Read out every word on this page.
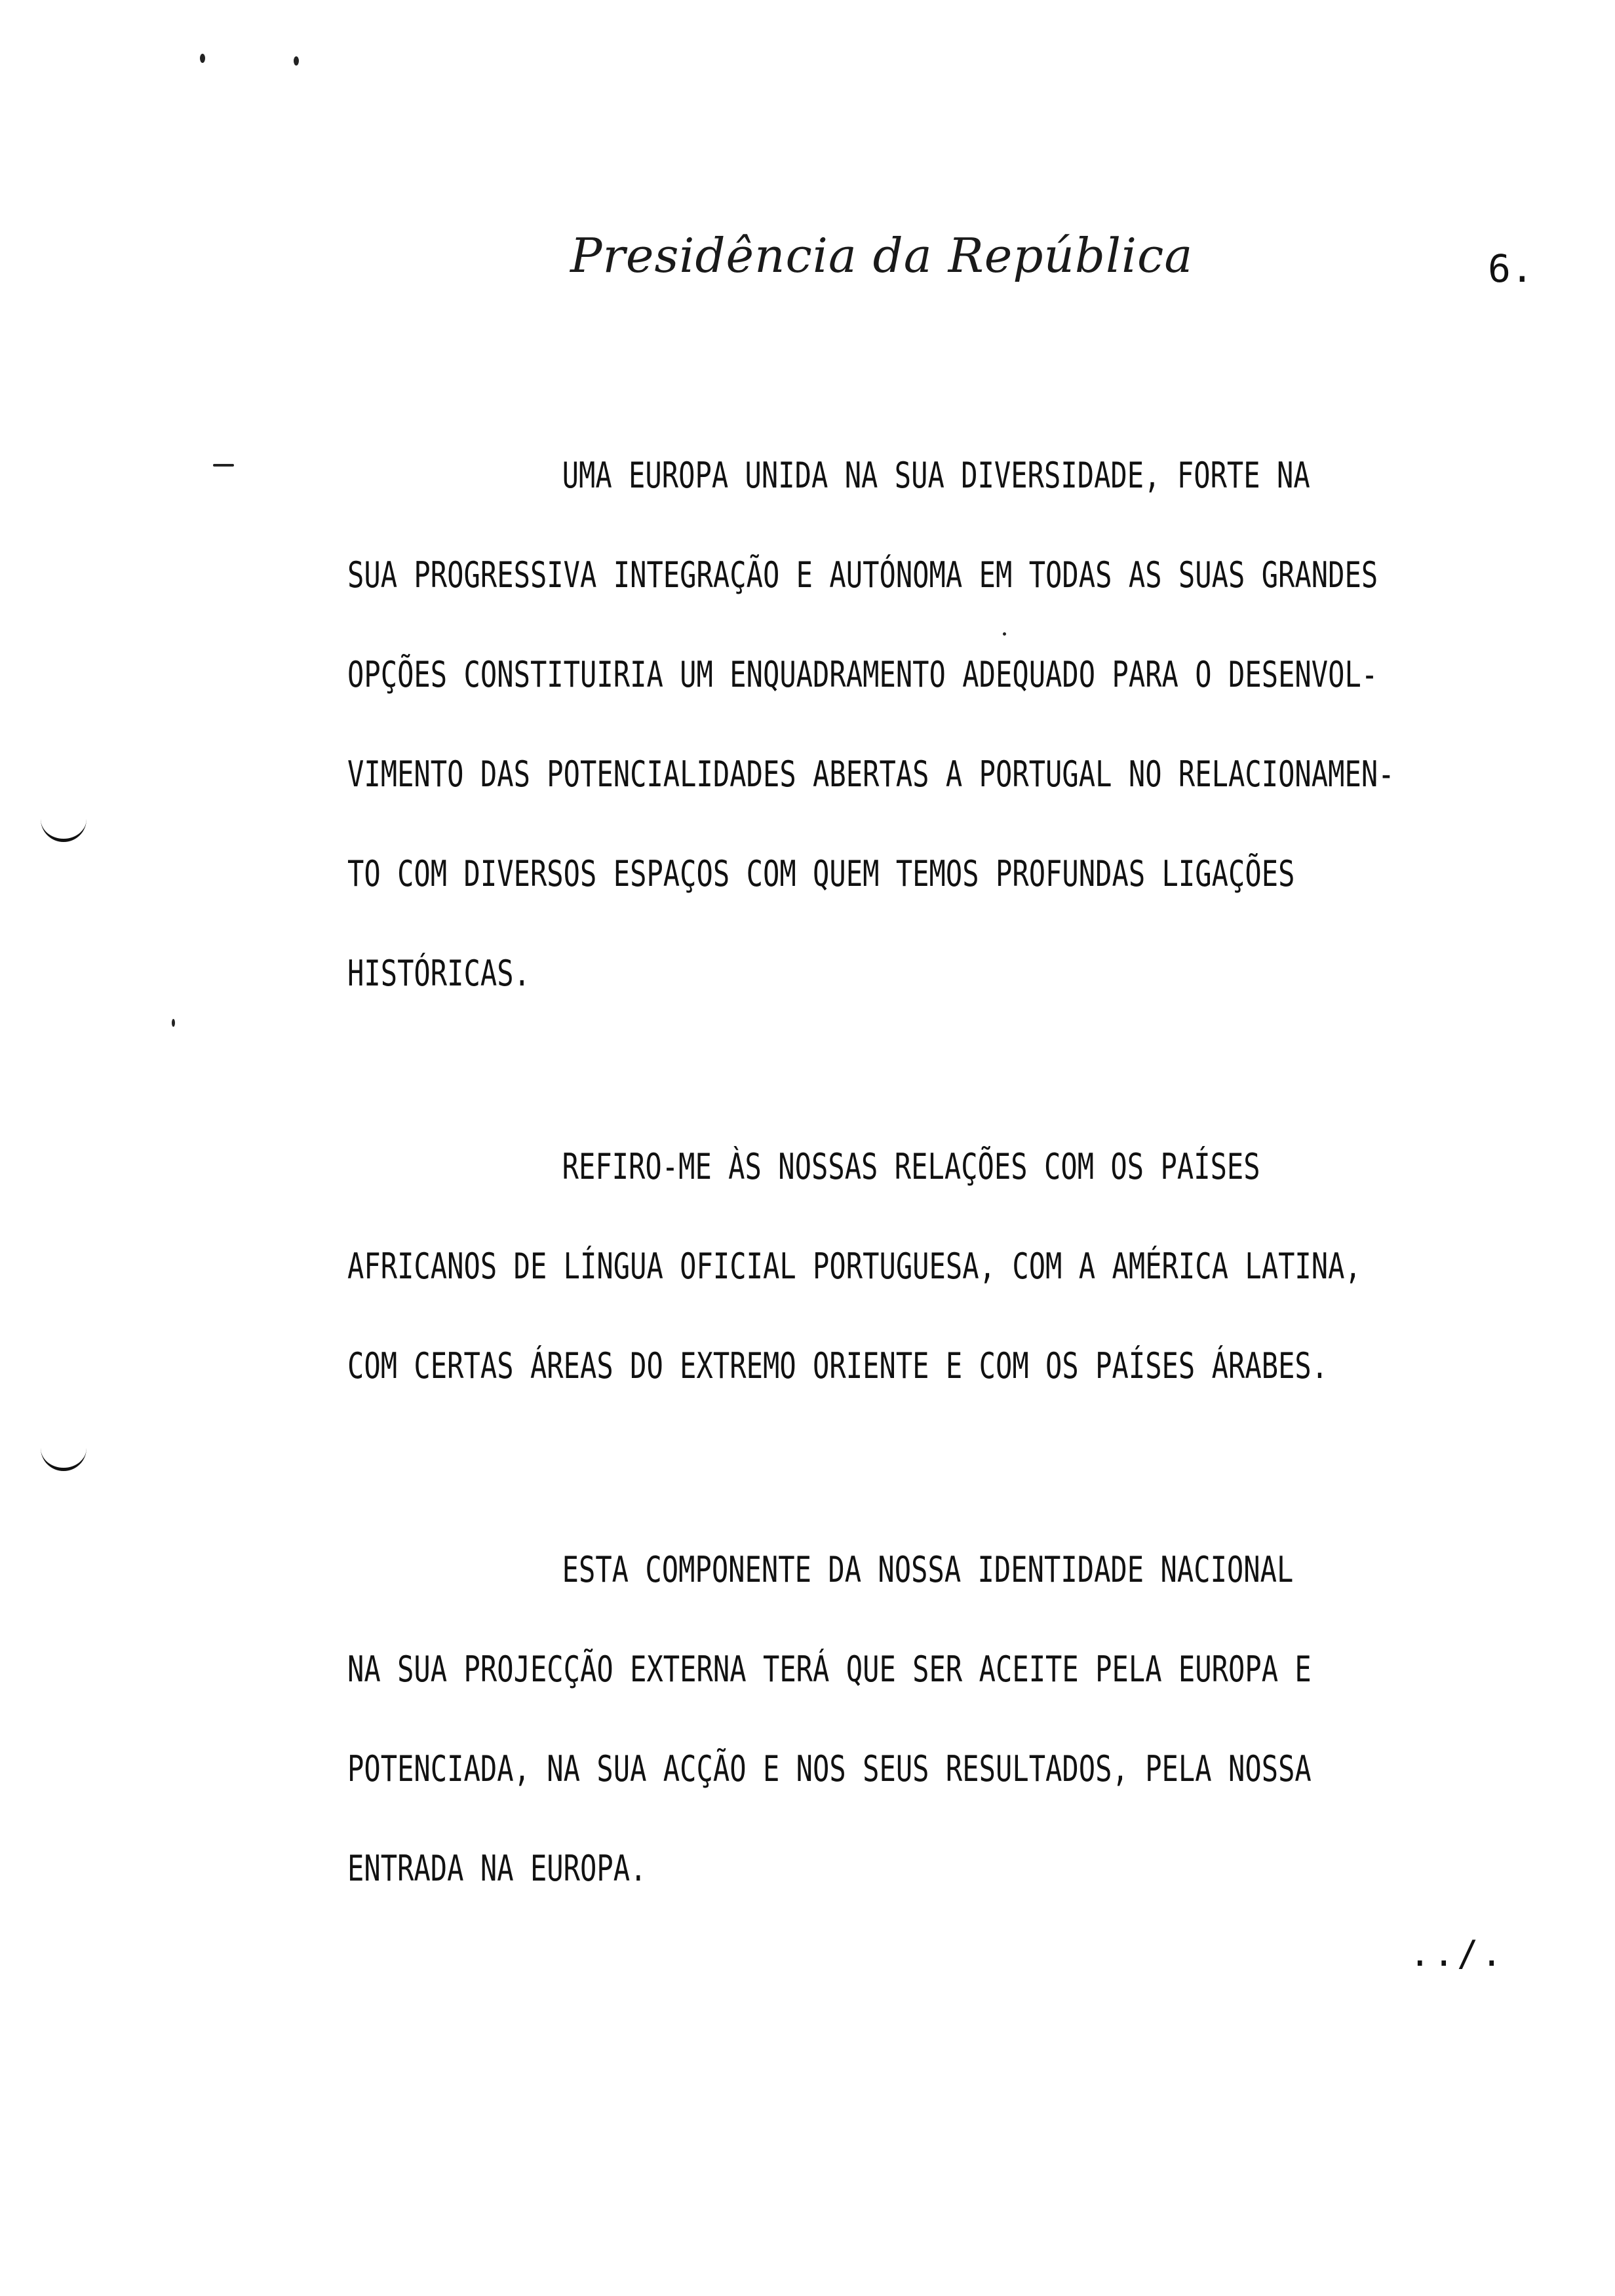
Presidência da República	6.
UMA EUROPA UNIDA NA SUA DIVERSIDADE, FORTE NA
SUA PROGRESSIVA INTEGRAÇÃO E AUTÓNOMA EM TODAS AS SUAS GRANDES
OPÇÕES CONSTITUIRIA UM ENQUADRAMENTO ADEQUADO PARA O DESENVOL-
VIMENTO DAS POTENCIALIDADES ABERTAS A PORTUGAL NO RELACIONAMEN-
TO COM DIVERSOS ESPAÇOS COM QUEM TEMOS PROFUNDAS LIGAÇÕES
HISTÓRICAS.
REFIRO-ME ÀS NOSSAS RELAÇÕES COM OS PAÍSES
AFRICANOS DE LÍNGUA OFICIAL PORTUGUESA, COM A AMÉRICA LATINA,
COM CERTAS ÁREAS DO EXTREMO ORIENTE E COM OS PAÍSES ÁRABES.
ESTA COMPONENTE DA NOSSA IDENTIDADE NACIONAL
NA SUA PROJECÇÃO EXTERNA TERÁ QUE SER ACEITE PELA EUROPA E
POTENCIADA, NA SUA ACÇÃO E NOS SEUS RESULTADOS, PELA NOSSA
ENTRADA NA EUROPA.
../.
